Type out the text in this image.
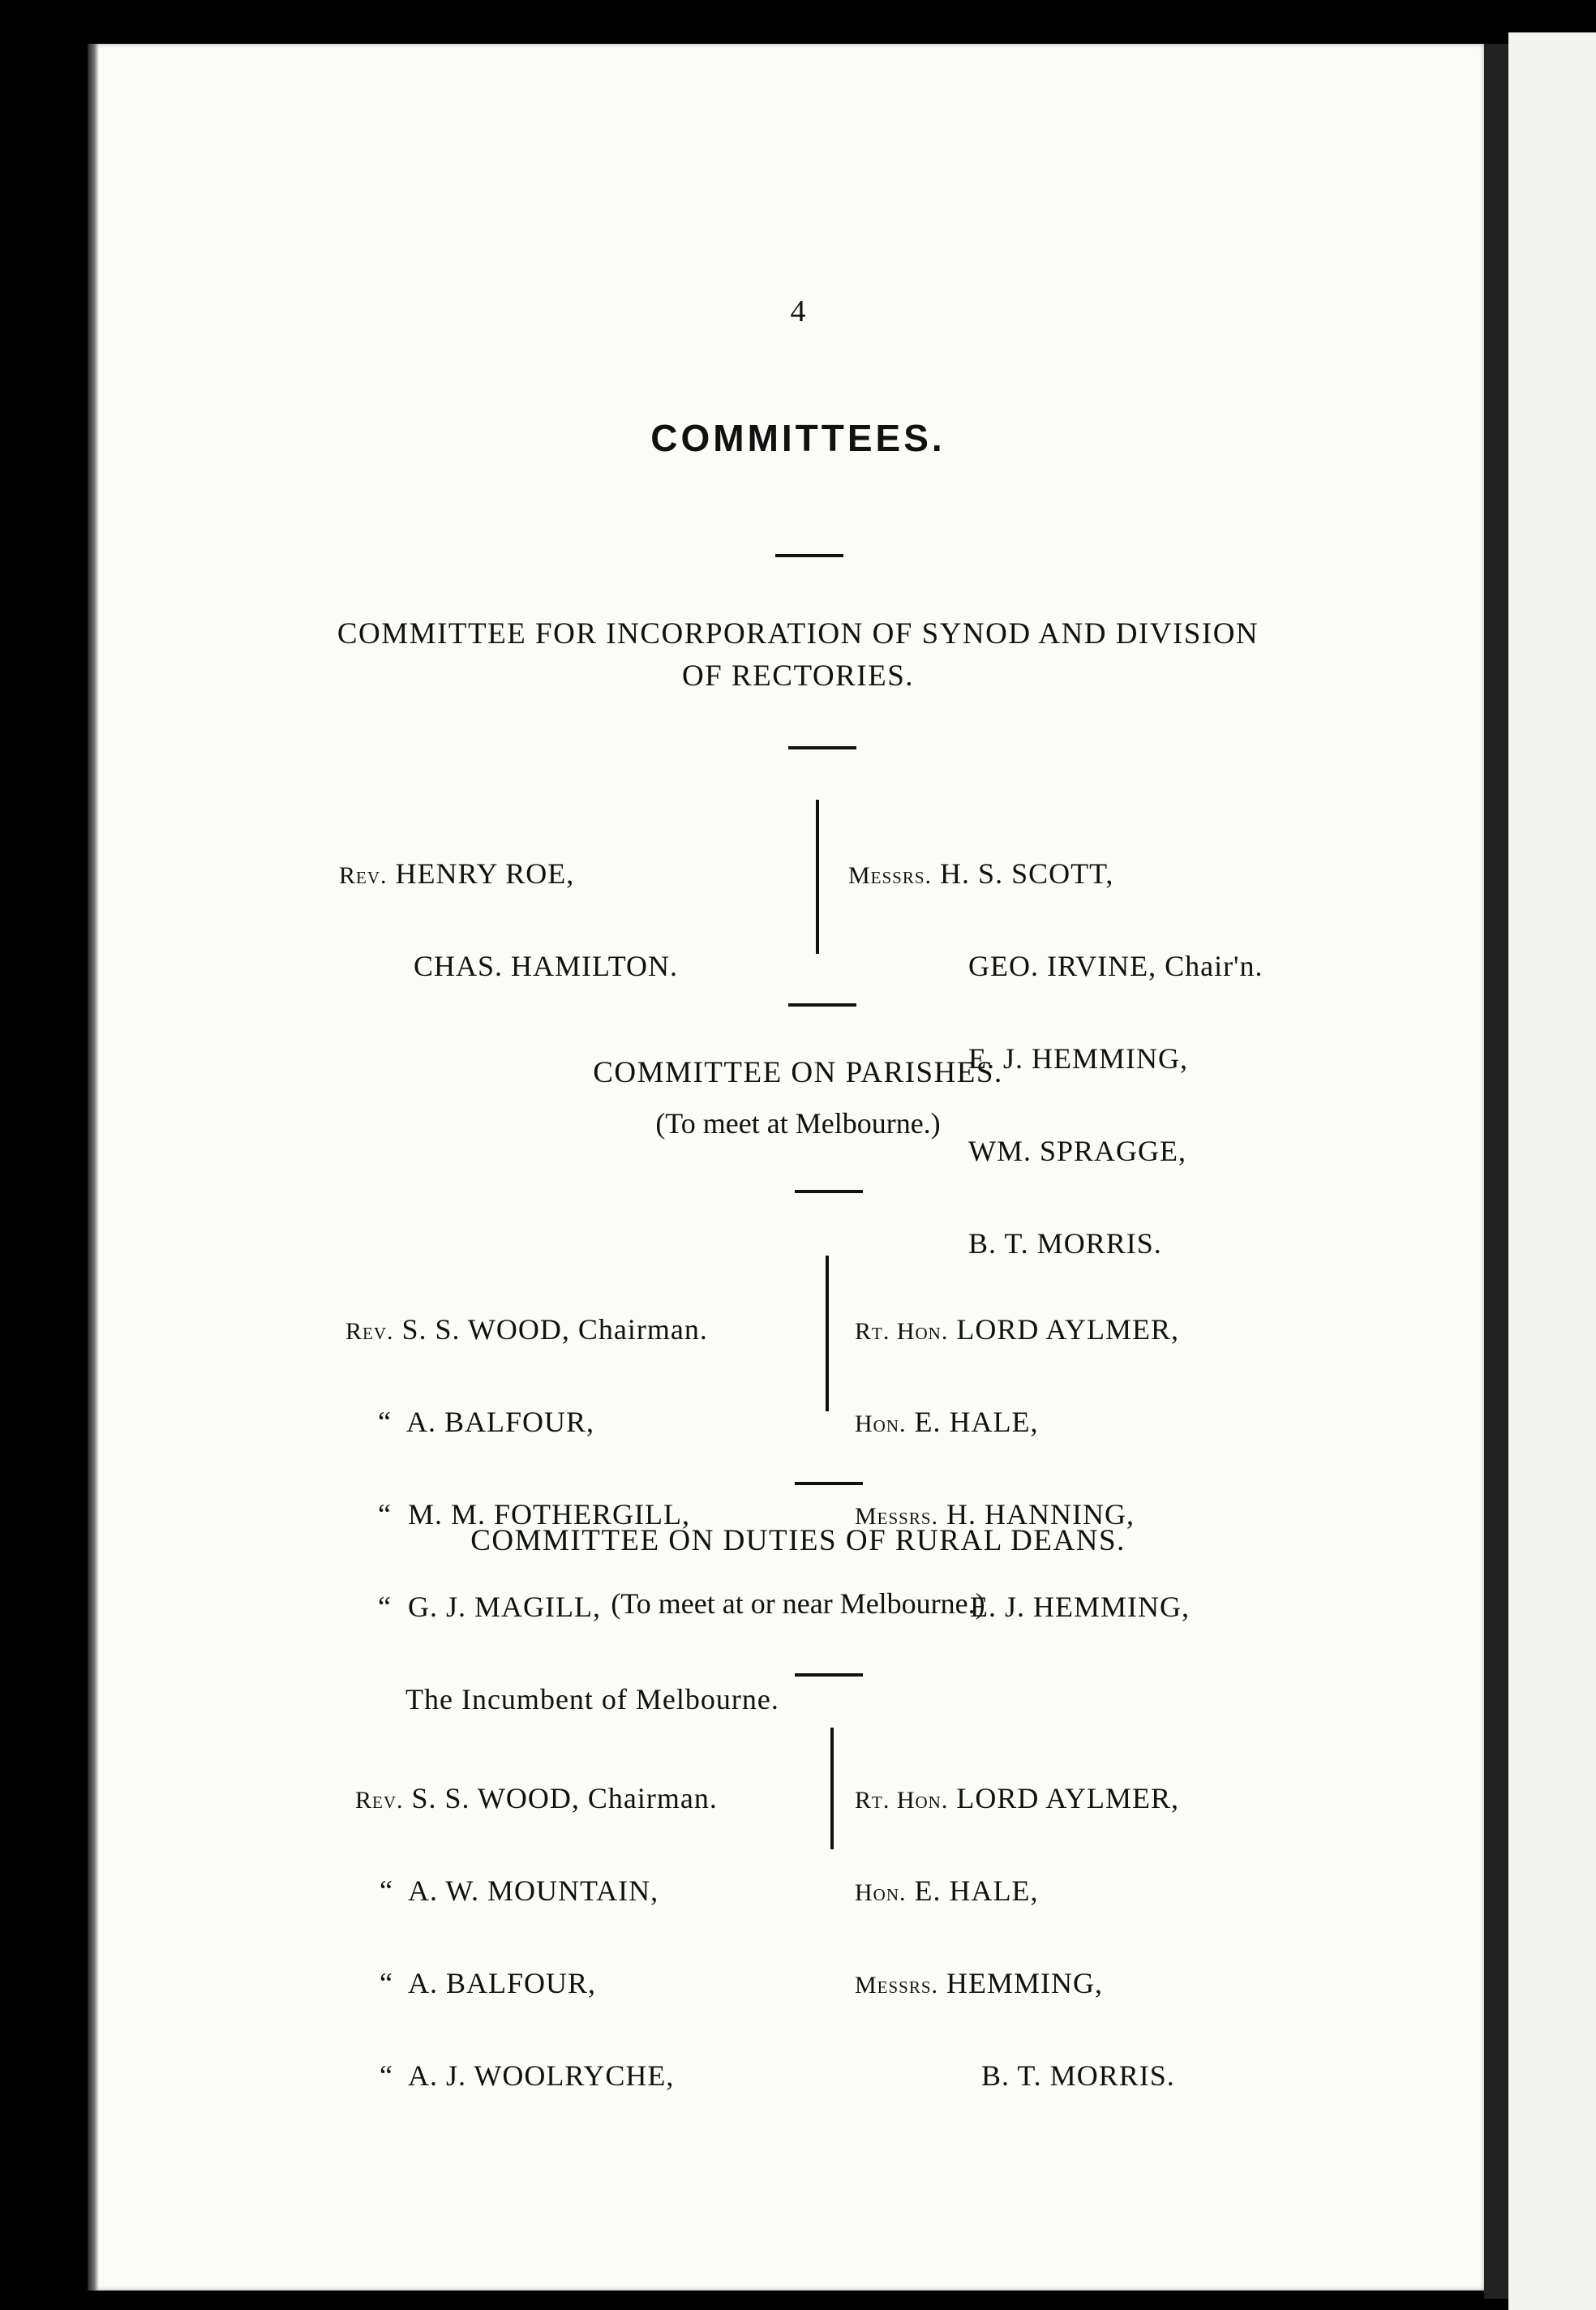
4
COMMITTEES.
COMMITTEE FOR INCORPORATION OF SYNOD AND DIVISION
OF RECTORIES.

Rev. HENRY ROE,

CHAS. HAMILTON.

Messrs. H. S. SCOTT,

GEO. IRVINE, Chair'n.

E. J. HEMMING,

WM. SPRAGGE,

B. T. MORRIS.

COMMITTEE ON PARISHES.
(To meet at Melbourne.)

Rev. S. S. WOOD, Chairman.

“ A. BALFOUR,

“ M. M. FOTHERGILL,

“ G. J. MAGILL,

The Incumbent of Melbourne.

Rt. Hon. LORD AYLMER,

Hon. E. HALE,

Messrs. H. HANNING,

E. J. HEMMING,

COMMITTEE ON DUTIES OF RURAL DEANS.
(To meet at or near Melbourne.)

Rev. S. S. WOOD, Chairman.

“ A. W. MOUNTAIN,

“ A. BALFOUR,

“ A. J. WOOLRYCHE,

Rt. Hon. LORD AYLMER,

Hon. E. HALE,

Messrs. HEMMING,

B. T. MORRIS.
